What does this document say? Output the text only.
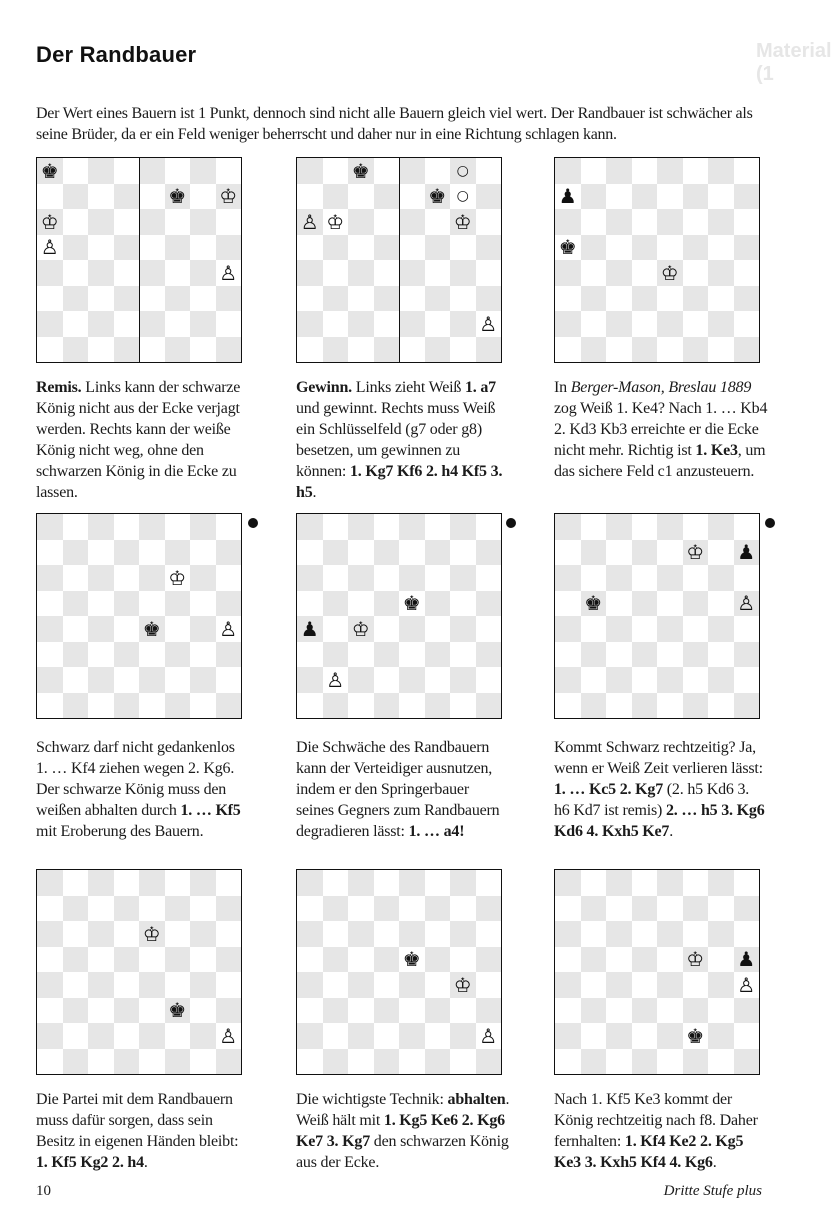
Material
(1
Der Randbauer

Der Wert eines Bauern ist 1 Punkt, dennoch sind nicht alle Bauern gleich viel wert. Der Randbauer ist schwächer als seine Brüder, da er ein Feld weniger beherrscht und daher nur in eine Richtung schlagen kann.

♚
♚ ♔
♔
♙
♙
♚	○
♚ ○
♙ ♔	♔
♙
♟
♚
♔

Remis. Links kann der schwarze König nicht aus der Ecke verjagt werden. Rechts kann der weiße König nicht weg, ohne den schwarzen König in die Ecke zu lassen.

Gewinn. Links zieht Weiß 1. a7 und gewinnt. Rechts muss Weiß ein Schlüsselfeld (g7 oder g8) besetzen, um gewinnen zu können: 1. Kg7 Kf6 2. h4 Kf5 3. h5.

In Berger-Mason, Breslau 1889 zog Weiß 1. Ke4? Nach 1. … Kb4 2. Kd3 Kb3 erreichte er die Ecke nicht mehr. Richtig ist 1. Ke3, um das sichere Feld c1 anzusteuern.

♔
♚	♙
♚
♟ ♔
♙
♔ ♟
♚	♙

Schwarz darf nicht gedankenlos 1. … Kf4 ziehen wegen 2. Kg6. Der schwarze König muss den weißen abhalten durch 1. … Kf5 mit Eroberung des Bauern.

Die Schwäche des Randbauern kann der Verteidiger ausnutzen, indem er den Springerbauer seines Gegners zum Randbauern degradieren lässt: 1. … a4!

Kommt Schwarz rechtzeitig? Ja, wenn er Weiß Zeit verlieren lässt: 1. … Kc5 2. Kg7 (2. h5 Kd6 3. h6 Kd7 ist remis) 2. … h5 3. Kg6 Kd6 4. Kxh5 Ke7.

♔
♚
♙
♚
♔
♙
♔ ♟
♙
♚

Die Partei mit dem Randbauern muss dafür sorgen, dass sein Besitz in eigenen Händen bleibt: 1. Kf5 Kg2 2. h4.

Die wichtigste Technik: abhalten. Weiß hält mit 1. Kg5 Ke6 2. Kg6 Ke7 3. Kg7 den schwarzen König aus der Ecke.

Nach 1. Kf5 Ke3 kommt der König rechtzeitig nach f8. Daher fernhalten: 1. Kf4 Ke2 2. Kg5 Ke3 3. Kxh5 Kf4 4. Kg6.

10	Dritte Stufe plus
